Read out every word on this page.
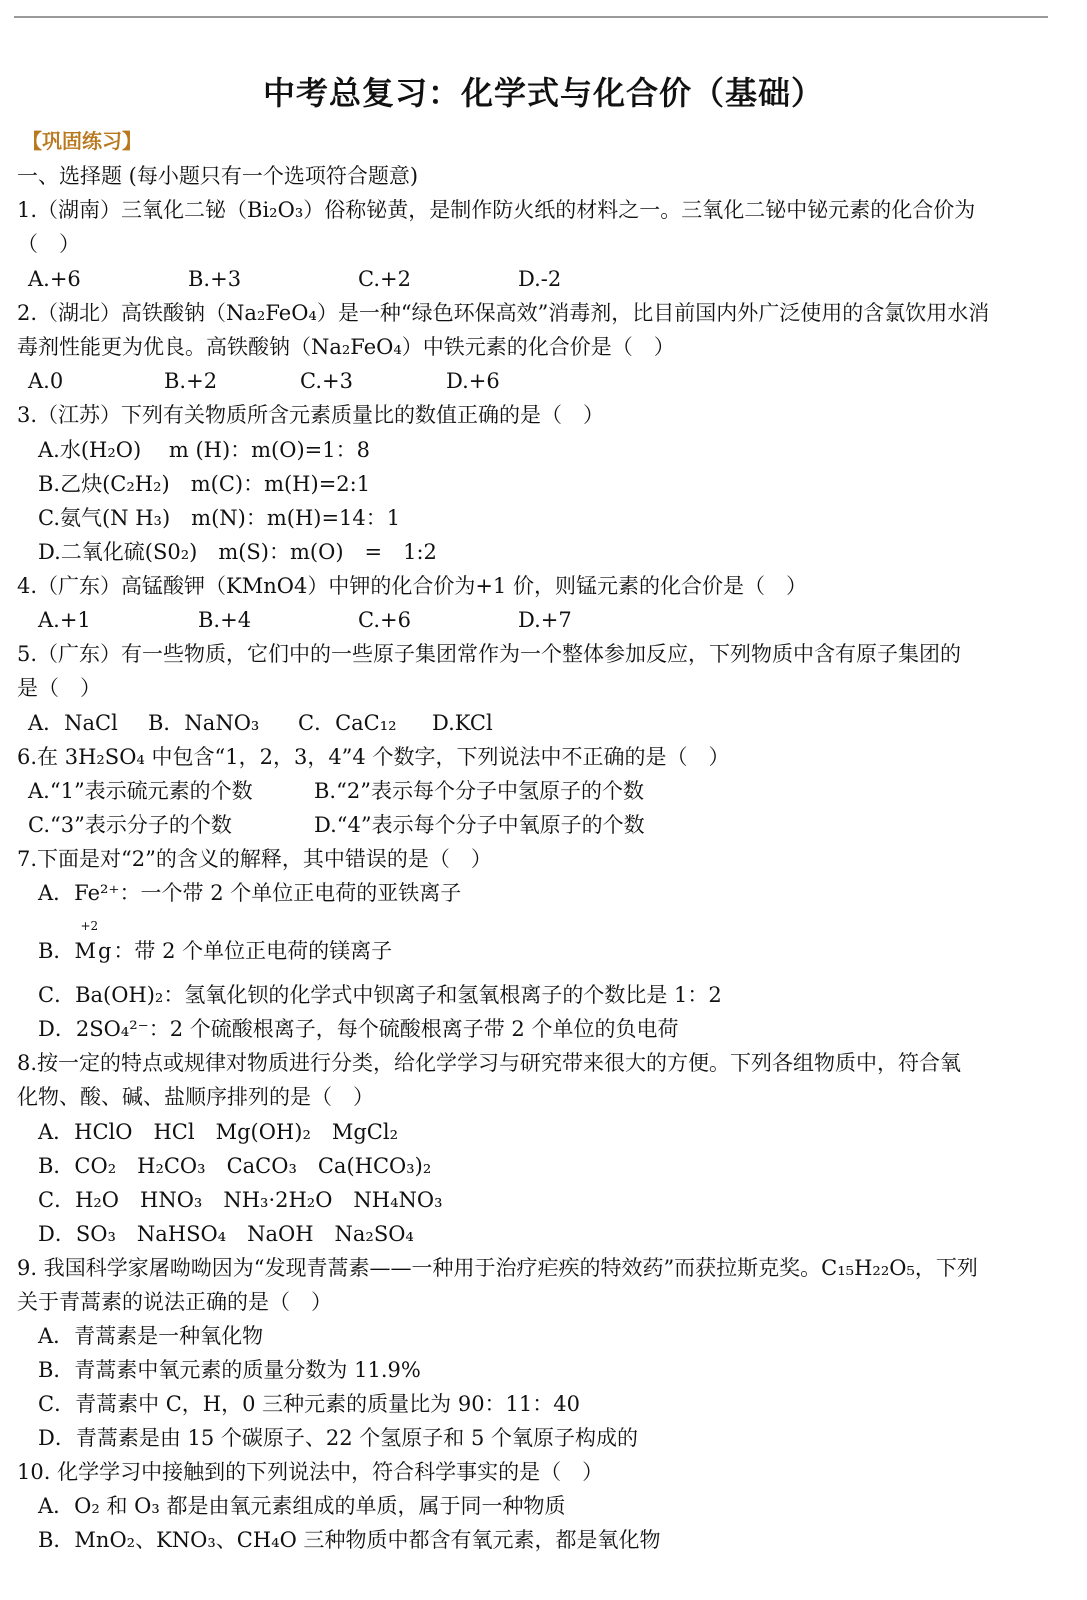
中考总复习：化学式与化合价（基础）
【巩固练习】
一、选择题 (每小题只有一个选项符合题意)
1.（湖南）三氧化二铋（Bi₂O₃）俗称铋黄，是制作防火纸的材料之一。三氧化二铋中铋元素的化合价为
（　）
A.+6	B.+3	C.+2	D.-2
2.（湖北）高铁酸钠（Na₂FeO₄）是一种“绿色环保高效”消毒剂，比目前国内外广泛使用的含氯饮用水消
毒剂性能更为优良。高铁酸钠（Na₂FeO₄）中铁元素的化合价是（　）
A.0	B.+2	C.+3	D.+6
3.（江苏）下列有关物质所含元素质量比的数值正确的是（　）
A.水(H₂O)　 m (H)：m(O)=1：8
B.乙炔(C₂H₂)　m(C)：m(H)=2:1
C.氨气(N H₃)　m(N)：m(H)=14：1
D.二氧化硫(S0₂)　m(S)：m(O)　=　1:2
4.（广东）高锰酸钾（KMnO4）中钾的化合价为+1 价，则锰元素的化合价是（　）
A.+1	B.+4	C.+6	D.+7
5.（广东）有一些物质，它们中的一些原子集团常作为一个整体参加反应，下列物质中含有原子集团的
是（　）
A．NaCl B．NaNO₃ C．CaC₁₂ D.KCl
6.在 3H₂SO₄ 中包含“1，2，3，4”4 个数字，下列说法中不正确的是（　）
A.“1”表示硫元素的个数	B.“2”表示每个分子中氢原子的个数
C.“3”表示分子的个数	D.“4”表示每个分子中氧原子的个数
7.下面是对“2”的含义的解释，其中错误的是（　）
A．Fe²⁺：一个带 2 个单位正电荷的亚铁离子
B．
+2
Mg：带 2 个单位正电荷的镁离子
C．Ba(OH)₂：氢氧化钡的化学式中钡离子和氢氧根离子的个数比是 1：2
D．2SO₄²⁻：2 个硫酸根离子，每个硫酸根离子带 2 个单位的负电荷
8.按一定的特点或规律对物质进行分类，给化学学习与研究带来很大的方便。下列各组物质中，符合氧
化物、酸、碱、盐顺序排列的是（　）
A．HClO　HCl　Mg(OH)₂　MgCl₂
B．CO₂　H₂CO₃　CaCO₃　Ca(HCO₃)₂
C．H₂O　HNO₃　NH₃·2H₂O　NH₄NO₃
D．SO₃　NaHSO₄　NaOH　Na₂SO₄
9. 我国科学家屠呦呦因为“发现青蒿素——一种用于治疗疟疾的特效药”而获拉斯克奖。C₁₅H₂₂O₅，下列
关于青蒿素的说法正确的是（　）
A．青蒿素是一种氧化物
B．青蒿素中氧元素的质量分数为 11.9%
C．青蒿素中 C，H，0 三种元素的质量比为 90：11：40
D．青蒿素是由 15 个碳原子、22 个氢原子和 5 个氧原子构成的
10. 化学学习中接触到的下列说法中，符合科学事实的是（　）
A．O₂ 和 O₃ 都是由氧元素组成的单质，属于同一种物质
B．MnO₂、KNO₃、CH₄O 三种物质中都含有氧元素，都是氧化物
